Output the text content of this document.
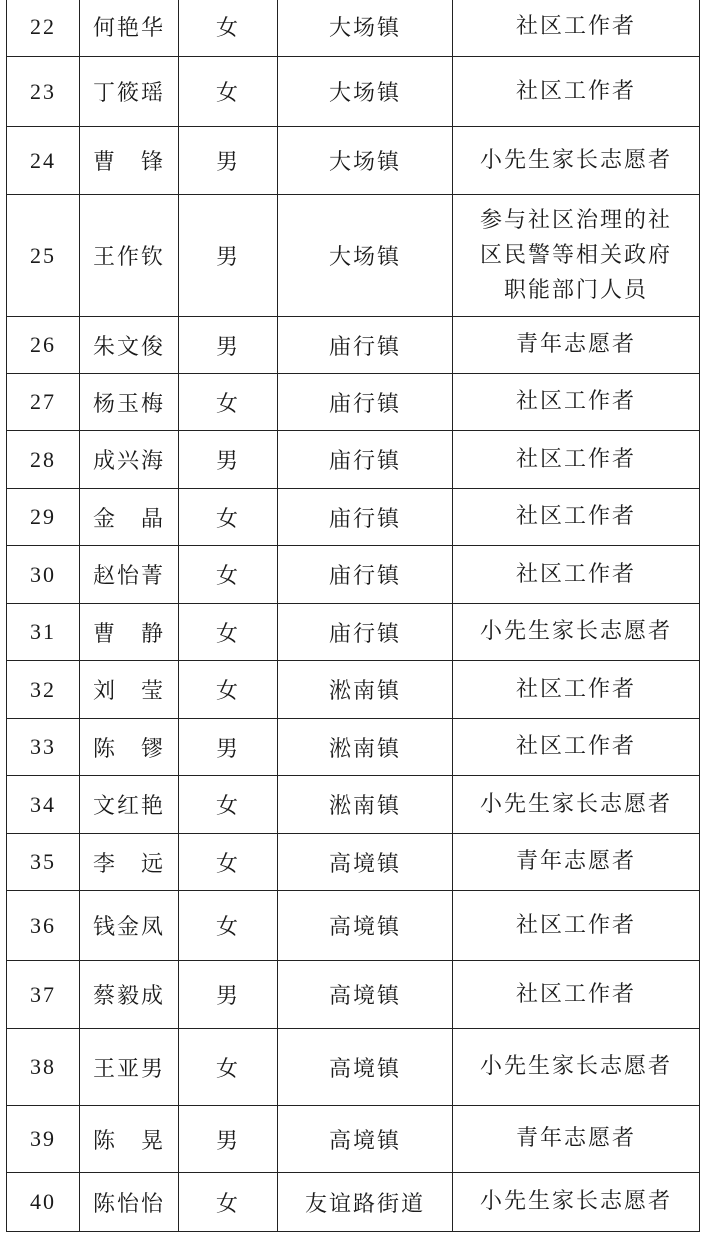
22	何艳华	女	大场镇	社区工作者
23	丁筱瑶	女	大场镇	社区工作者
24	曹　锋	男	大场镇	小先生家长志愿者
25	王作钦	男	大场镇	参与社区治理的社区民警等相关政府职能部门人员
26	朱文俊	男	庙行镇	青年志愿者
27	杨玉梅	女	庙行镇	社区工作者
28	成兴海	男	庙行镇	社区工作者
29	金　晶	女	庙行镇	社区工作者
30	赵怡菁	女	庙行镇	社区工作者
31	曹　静	女	庙行镇	小先生家长志愿者
32	刘　莹	女	淞南镇	社区工作者
33	陈　镠	男	淞南镇	社区工作者
34	文红艳	女	淞南镇	小先生家长志愿者
35	李　远	女	高境镇	青年志愿者
36	钱金凤	女	高境镇	社区工作者
37	蔡毅成	男	高境镇	社区工作者
38	王亚男	女	高境镇	小先生家长志愿者
39	陈　晃	男	高境镇	青年志愿者
40	陈怡怡	女	友谊路街道	小先生家长志愿者
